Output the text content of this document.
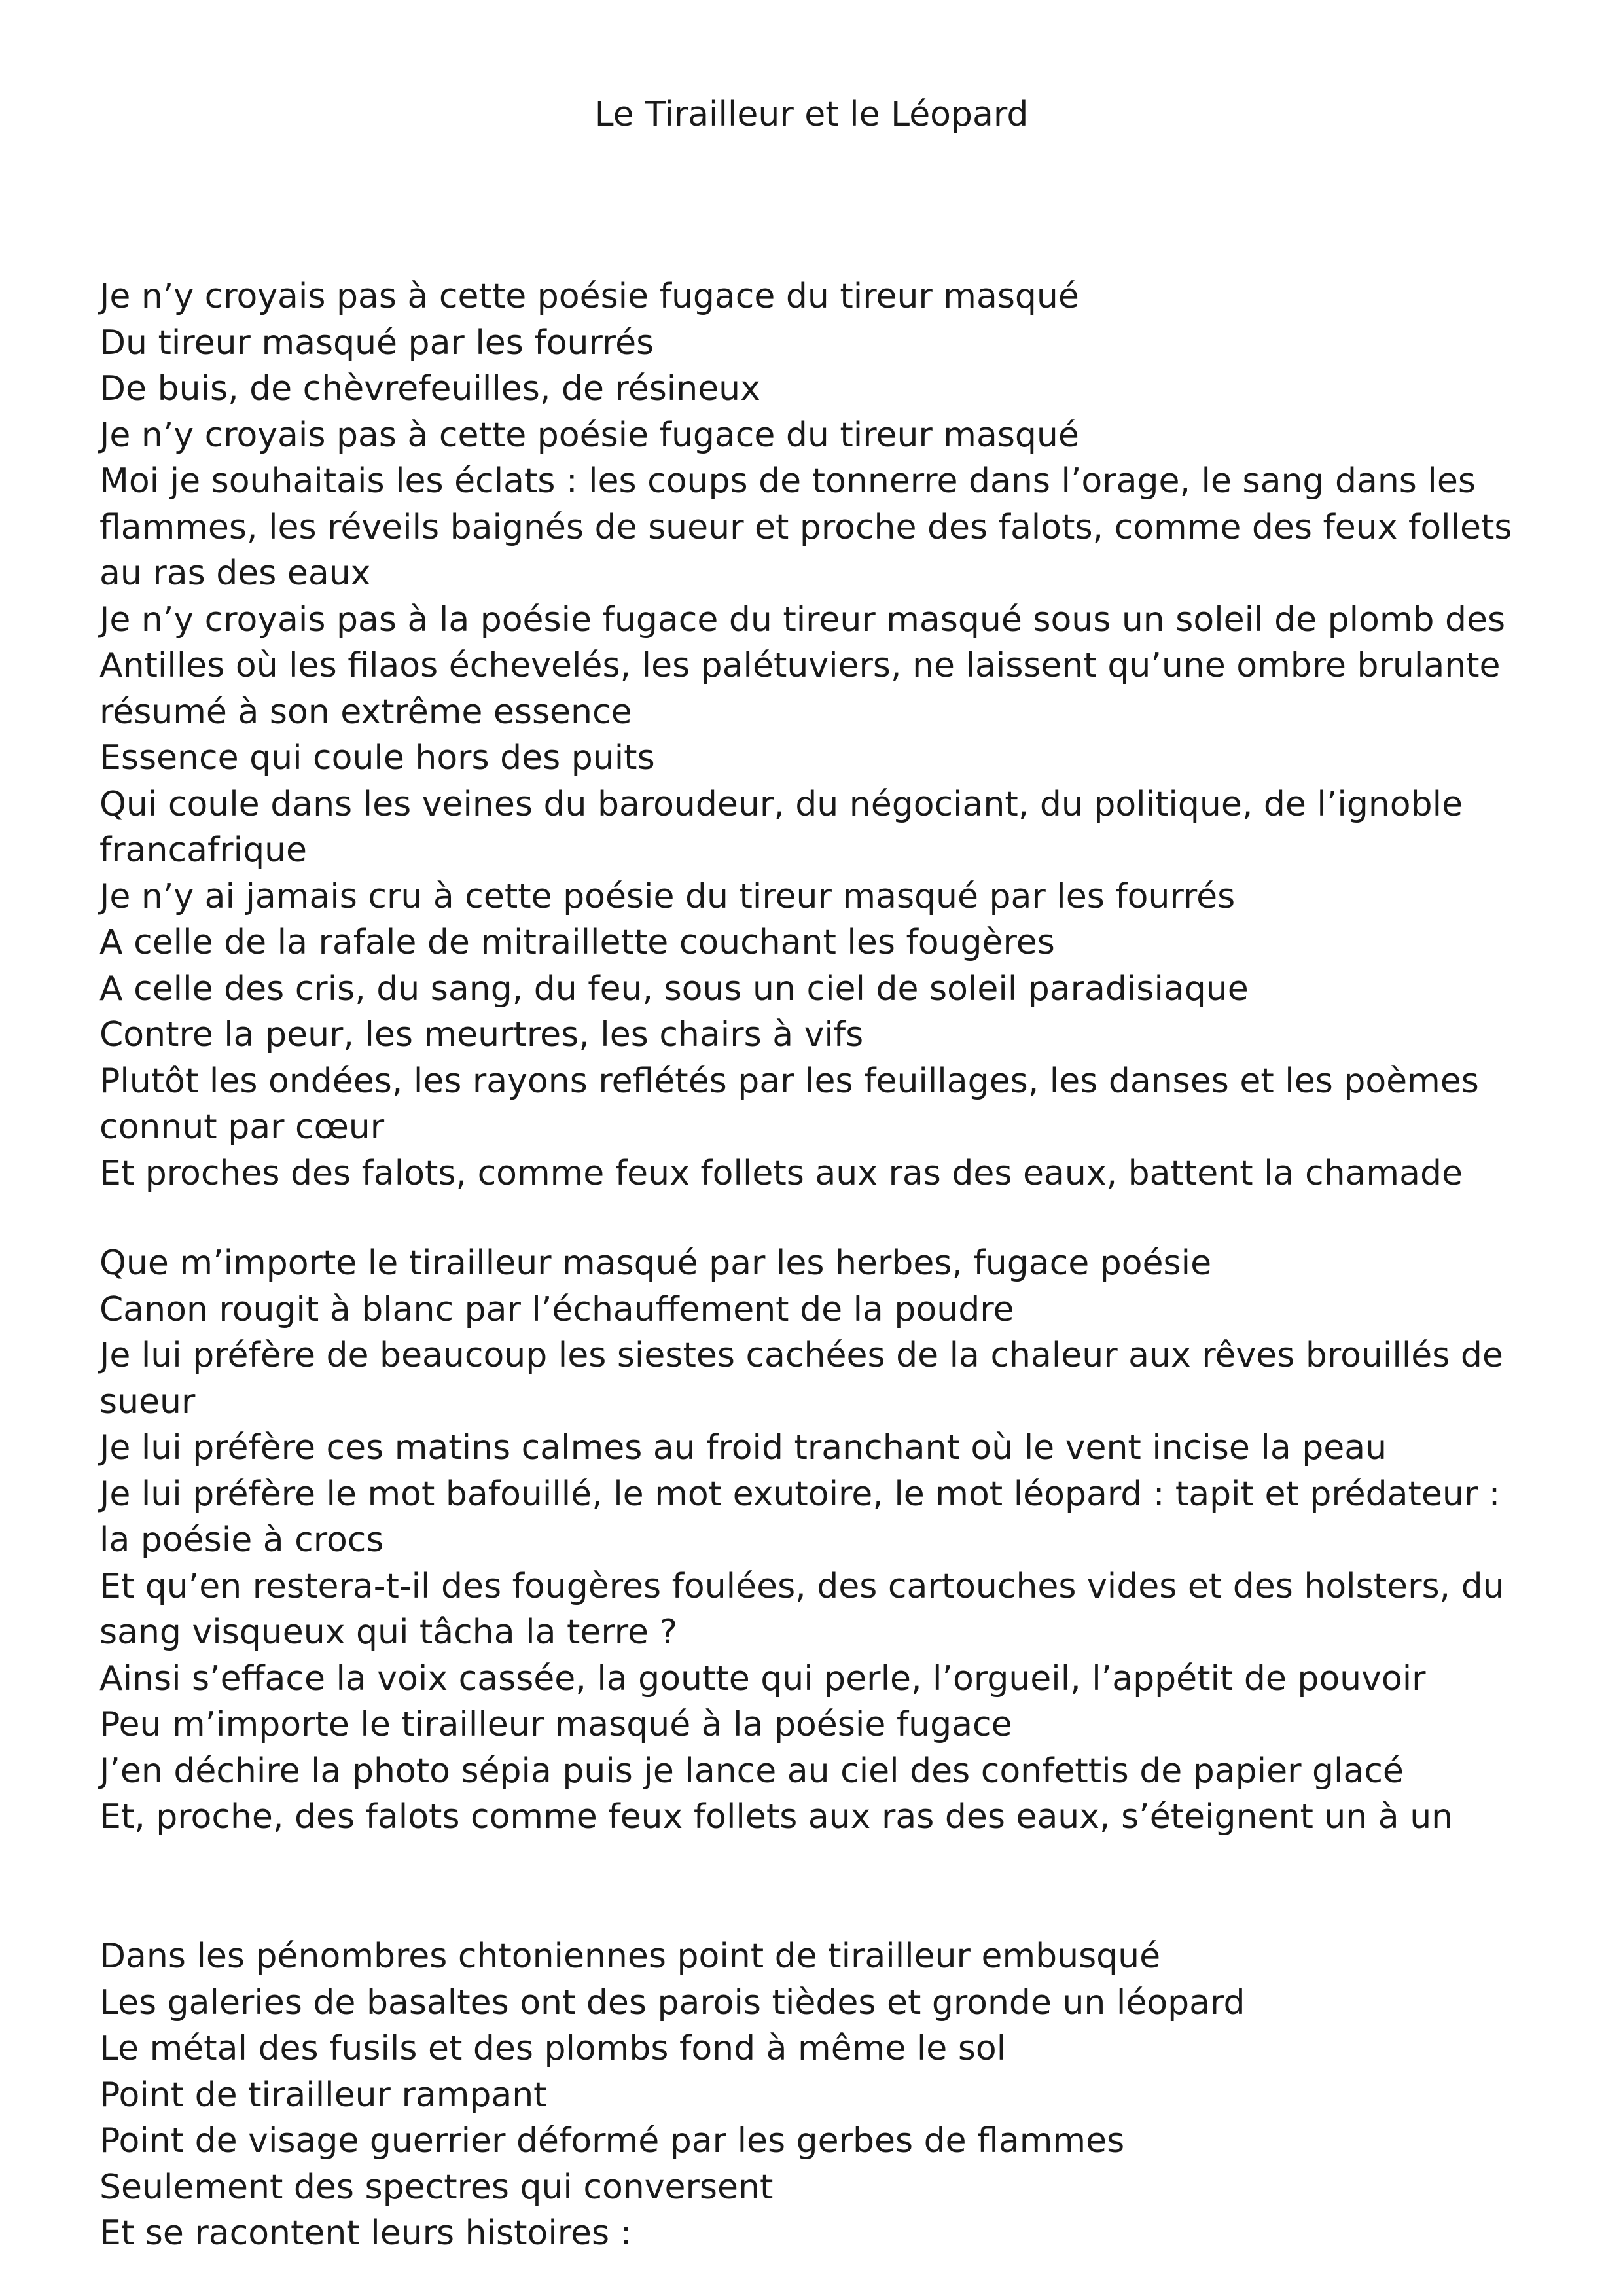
Le Tirailleur et le Léopard
Je n’y croyais pas à cette poésie fugace du tireur masqué
Du tireur masqué par les fourrés
De buis, de chèvrefeuilles, de résineux
Je n’y croyais pas à cette poésie fugace du tireur masqué
Moi je souhaitais les éclats : les coups de tonnerre dans l’orage, le sang dans les flammes, les réveils baignés de sueur et proche des falots, comme des feux follets au ras des eaux
Je n’y croyais pas à la poésie fugace du tireur masqué sous un soleil de plomb des Antilles où les filaos échevelés, les palétuviers, ne laissent qu’une ombre brulante résumé à son extrême essence
Essence qui coule hors des puits
Qui coule dans les veines du baroudeur, du négociant, du politique, de l’ignoble francafrique
Je n’y ai jamais cru à cette poésie du tireur masqué par les fourrés
A celle de la rafale de mitraillette couchant les fougères
A celle des cris, du sang, du feu, sous un ciel de soleil paradisiaque
Contre la peur, les meurtres, les chairs à vifs
Plutôt les ondées, les rayons reflétés par les feuillages, les danses et les poèmes connut par cœur
Et proches des falots, comme feux follets aux ras des eaux, battent la chamade
Que m’importe le tirailleur masqué par les herbes, fugace poésie
Canon rougit à blanc par l’échauffement de la poudre
Je lui préfère de beaucoup les siestes cachées de la chaleur aux rêves brouillés de sueur
Je lui préfère ces matins calmes au froid tranchant où le vent incise la peau
Je lui préfère le mot bafouillé, le mot exutoire, le mot léopard : tapit et prédateur : la poésie à crocs
Et qu’en restera-t-il des fougères foulées, des cartouches vides et des holsters, du sang visqueux qui tâcha la terre ?
Ainsi s’efface la voix cassée, la goutte qui perle, l’orgueil, l’appétit de pouvoir
Peu m’importe le tirailleur masqué à la poésie fugace
J’en déchire la photo sépia puis je lance au ciel des confettis de papier glacé
Et, proche, des falots comme feux follets aux ras des eaux, s’éteignent un à un
Dans les pénombres chtoniennes point de tirailleur embusqué
Les galeries de basaltes ont des parois tièdes et gronde un léopard
Le métal des fusils et des plombs fond à même le sol
Point de tirailleur rampant
Point de visage guerrier déformé par les gerbes de flammes
Seulement des spectres qui conversent
Et se racontent leurs histoires :
